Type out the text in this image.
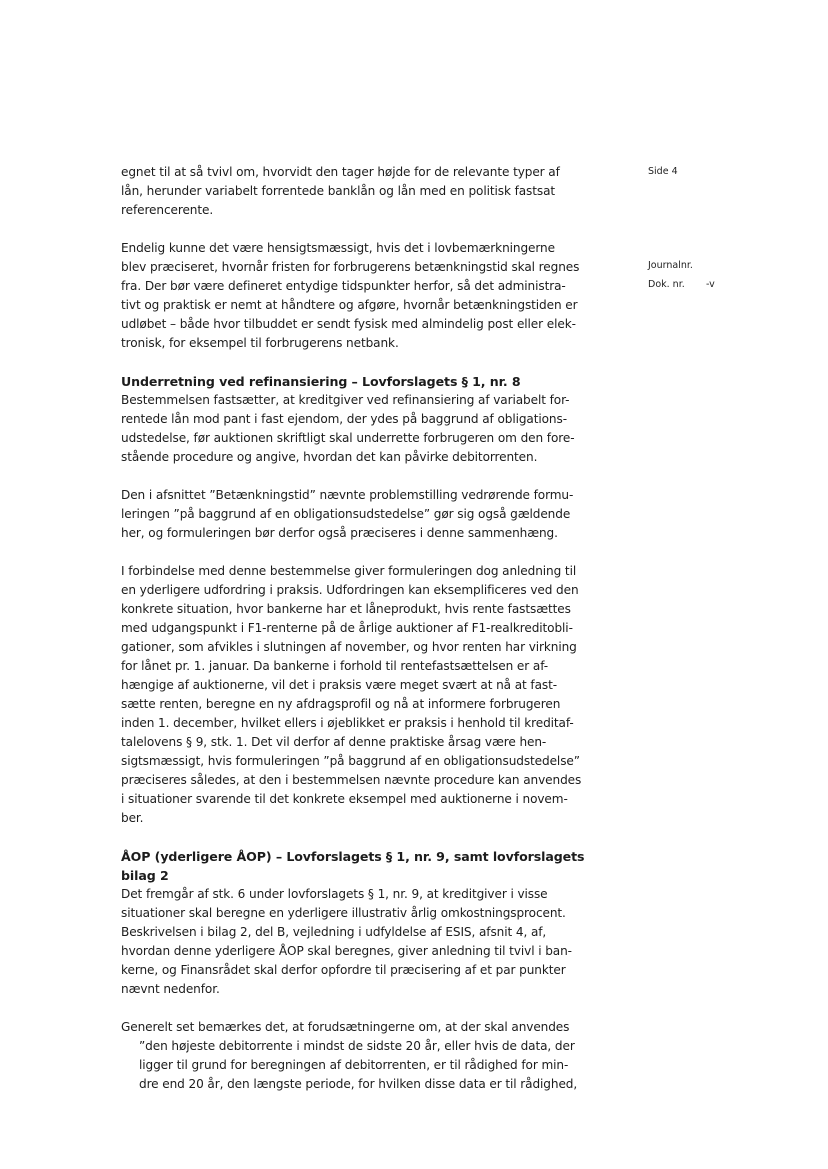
Side 4
Journalnr.
Dok. nr. -v

egnet til at så tvivl om, hvorvidt den tager højde for de relevante typer af
lån, herunder variabelt forrentede banklån og lån med en politisk fastsat
referencerente.

Endelig kunne det være hensigtsmæssigt, hvis det i lovbemærkningerne
blev præciseret, hvornår fristen for forbrugerens betænkningstid skal regnes
fra. Der bør være defineret entydige tidspunkter herfor, så det administra-
tivt og praktisk er nemt at håndtere og afgøre, hvornår betænkningstiden er
udløbet – både hvor tilbuddet er sendt fysisk med almindelig post eller elek-
tronisk, for eksempel til forbrugerens netbank.

Underretning ved refinansiering – Lovforslagets § 1, nr. 8

Bestemmelsen fastsætter, at kreditgiver ved refinansiering af variabelt for-
rentede lån mod pant i fast ejendom, der ydes på baggrund af obligations-
udstedelse, før auktionen skriftligt skal underrette forbrugeren om den fore-
stående procedure og angive, hvordan det kan påvirke debitorrenten.

Den i afsnittet ”Betænkningstid” nævnte problemstilling vedrørende formu-
leringen ”på baggrund af en obligationsudstedelse” gør sig også gældende
her, og formuleringen bør derfor også præciseres i denne sammenhæng.

I forbindelse med denne bestemmelse giver formuleringen dog anledning til
en yderligere udfordring i praksis. Udfordringen kan eksemplificeres ved den
konkrete situation, hvor bankerne har et låneprodukt, hvis rente fastsættes
med udgangspunkt i F1-renterne på de årlige auktioner af F1-realkreditobli-
gationer, som afvikles i slutningen af november, og hvor renten har virkning
for lånet pr. 1. januar. Da bankerne i forhold til rentefastsættelsen er af-
hængige af auktionerne, vil det i praksis være meget svært at nå at fast-
sætte renten, beregne en ny afdragsprofil og nå at informere forbrugeren
inden 1. december, hvilket ellers i øjeblikket er praksis i henhold til kreditaf-
talelovens § 9, stk. 1. Det vil derfor af denne praktiske årsag være hen-
sigtsmæssigt, hvis formuleringen ”på baggrund af en obligationsudstedelse”
præciseres således, at den i bestemmelsen nævnte procedure kan anvendes
i situationer svarende til det konkrete eksempel med auktionerne i novem-
ber.

ÅOP (yderligere ÅOP) – Lovforslagets § 1, nr. 9, samt lovforslagets
bilag 2

Det fremgår af stk. 6 under lovforslagets § 1, nr. 9, at kreditgiver i visse
situationer skal beregne en yderligere illustrativ årlig omkostningsprocent.
Beskrivelsen i bilag 2, del B, vejledning i udfyldelse af ESIS, afsnit 4, af,
hvordan denne yderligere ÅOP skal beregnes, giver anledning til tvivl i ban-
kerne, og Finansrådet skal derfor opfordre til præcisering af et par punkter
nævnt nedenfor.

Generelt set bemærkes det, at forudsætningerne om, at der skal anvendes
”den højeste debitorrente i mindst de sidste 20 år, eller hvis de data, der
ligger til grund for beregningen af debitorrenten, er til rådighed for min-
dre end 20 år, den længste periode, for hvilken disse data er til rådighed,
